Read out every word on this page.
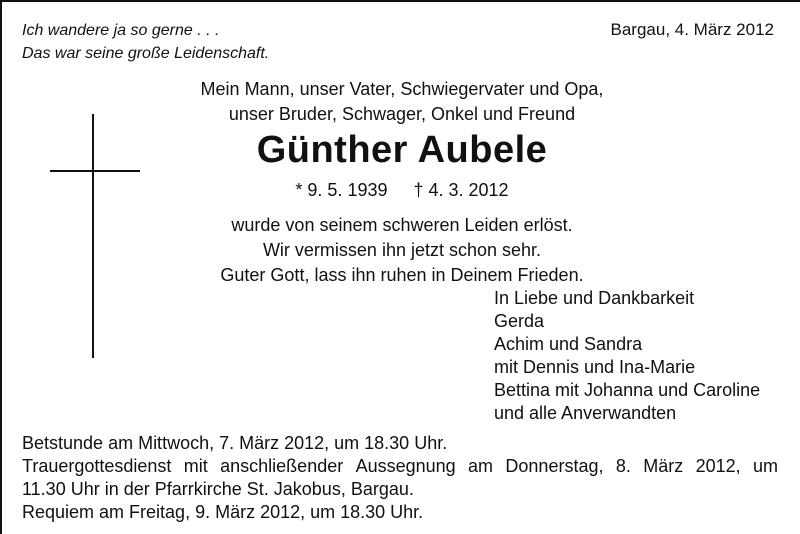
Ich wandere ja so gerne . . .
Das war seine große Leidenschaft.
Bargau, 4. März 2012
Mein Mann, unser Vater, Schwiegervater und Opa,
unser Bruder, Schwager, Onkel und Freund
Günther Aubele
* 9. 5. 1939 † 4. 3. 2012
wurde von seinem schweren Leiden erlöst.
Wir vermissen ihn jetzt schon sehr.
Guter Gott, lass ihn ruhen in Deinem Frieden.
In Liebe und Dankbarkeit
Gerda
Achim und Sandra
mit Dennis und Ina-Marie
Bettina mit Johanna und Caroline
und alle Anverwandten
Betstunde am Mittwoch, 7. März 2012, um 18.30 Uhr.
Trauergottesdienst mit anschließender Aussegnung am Donnerstag, 8. März 2012, um
11.30 Uhr in der Pfarrkirche St. Jakobus, Bargau.
Requiem am Freitag, 9. März 2012, um 18.30 Uhr.
